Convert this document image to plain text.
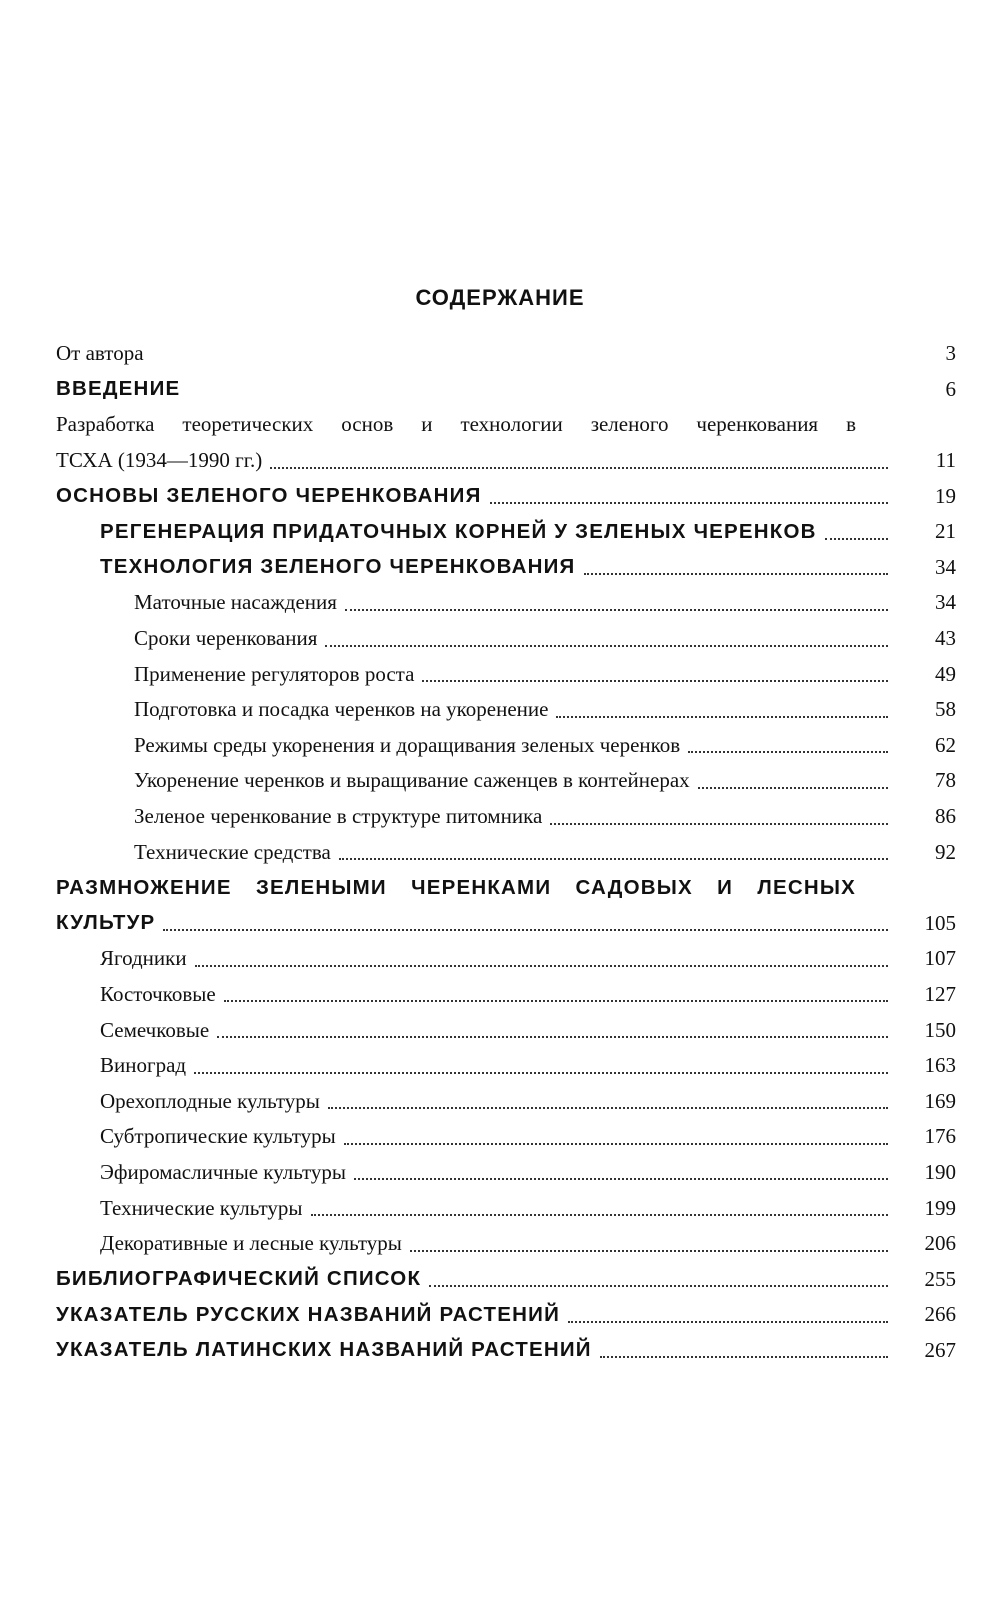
СОДЕРЖАНИЕ
От автора	3
ВВЕДЕНИЕ	6
Разработка теоретических основ и технологии зеленого черенкования в
ТСХА (1934—1990 гг.)	11
ОСНОВЫ ЗЕЛЕНОГО ЧЕРЕНКОВАНИЯ	19
РЕГЕНЕРАЦИЯ ПРИДАТОЧНЫХ КОРНЕЙ У ЗЕЛЕНЫХ ЧЕРЕНКОВ	21
ТЕХНОЛОГИЯ ЗЕЛЕНОГО ЧЕРЕНКОВАНИЯ	34
Маточные насаждения	34
Сроки черенкования	43
Применение регуляторов роста	49
Подготовка и посадка черенков на укоренение	58
Режимы среды укоренения и доращивания зеленых черенков	62
Укоренение черенков и выращивание саженцев в контейнерах	78
Зеленое черенкование в структуре питомника	86
Технические средства	92
РАЗМНОЖЕНИЕ ЗЕЛЕНЫМИ ЧЕРЕНКАМИ САДОВЫХ И ЛЕСНЫХ
КУЛЬТУР	105
Ягодники	107
Косточковые	127
Семечковые	150
Виноград	163
Орехоплодные культуры	169
Субтропические культуры	176
Эфиромасличные культуры	190
Технические культуры	199
Декоративные и лесные культуры	206
БИБЛИОГРАФИЧЕСКИЙ СПИСОК	255
УКАЗАТЕЛЬ РУССКИХ НАЗВАНИЙ РАСТЕНИЙ	266
УКАЗАТЕЛЬ ЛАТИНСКИХ НАЗВАНИЙ РАСТЕНИЙ	267
